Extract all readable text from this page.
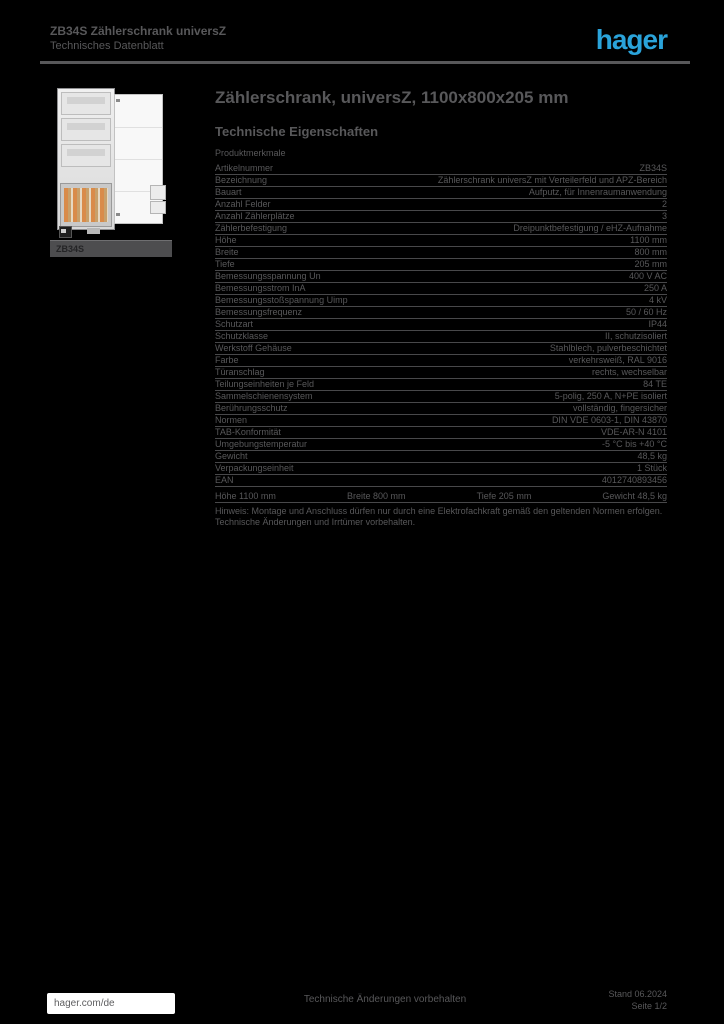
ZB34S Zählerschrank universZ
Technisches Datenblatt	hager
ZB34S
Zählerschrank, universZ, 1100x800x205 mm
Technische Eigenschaften
Produktmerkmale
Artikelnummer	ZB34S
Bezeichnung	Zählerschrank universZ mit Verteilerfeld und APZ-Bereich
Bauart	Aufputz, für Innenraumanwendung
Anzahl Felder	2
Anzahl Zählerplätze	3
Zählerbefestigung	Dreipunktbefestigung / eHZ-Aufnahme
Höhe	1100 mm
Breite	800 mm
Tiefe	205 mm
Bemessungsspannung Un	400 V AC
Bemessungsstrom InA	250 A
Bemessungsstoßspannung Uimp	4 kV
Bemessungsfrequenz	50 / 60 Hz
Schutzart	IP44
Schutzklasse	II, schutzisoliert
Werkstoff Gehäuse	Stahlblech, pulverbeschichtet
Farbe	verkehrsweiß, RAL 9016
Türanschlag	rechts, wechselbar
Teilungseinheiten je Feld	84 TE
Sammelschienensystem	5-polig, 250 A, N+PE isoliert
Berührungsschutz	vollständig, fingersicher
Normen	DIN VDE 0603-1, DIN 43870
TAB-Konformität	VDE-AR-N 4101
Umgebungstemperatur	-5 °C bis +40 °C
Gewicht	48,5 kg
Verpackungseinheit	1 Stück
EAN	4012740893456
Höhe 1100 mm	Breite 800 mm	Tiefe 205 mm	Gewicht 48,5 kg
Hinweis: Montage und Anschluss dürfen nur durch eine Elektrofachkraft gemäß den geltenden Normen erfolgen. Technische Änderungen und Irrtümer vorbehalten.
hager.com/de	Technische Änderungen vorbehalten	Stand 06.2024
Seite 1/2
